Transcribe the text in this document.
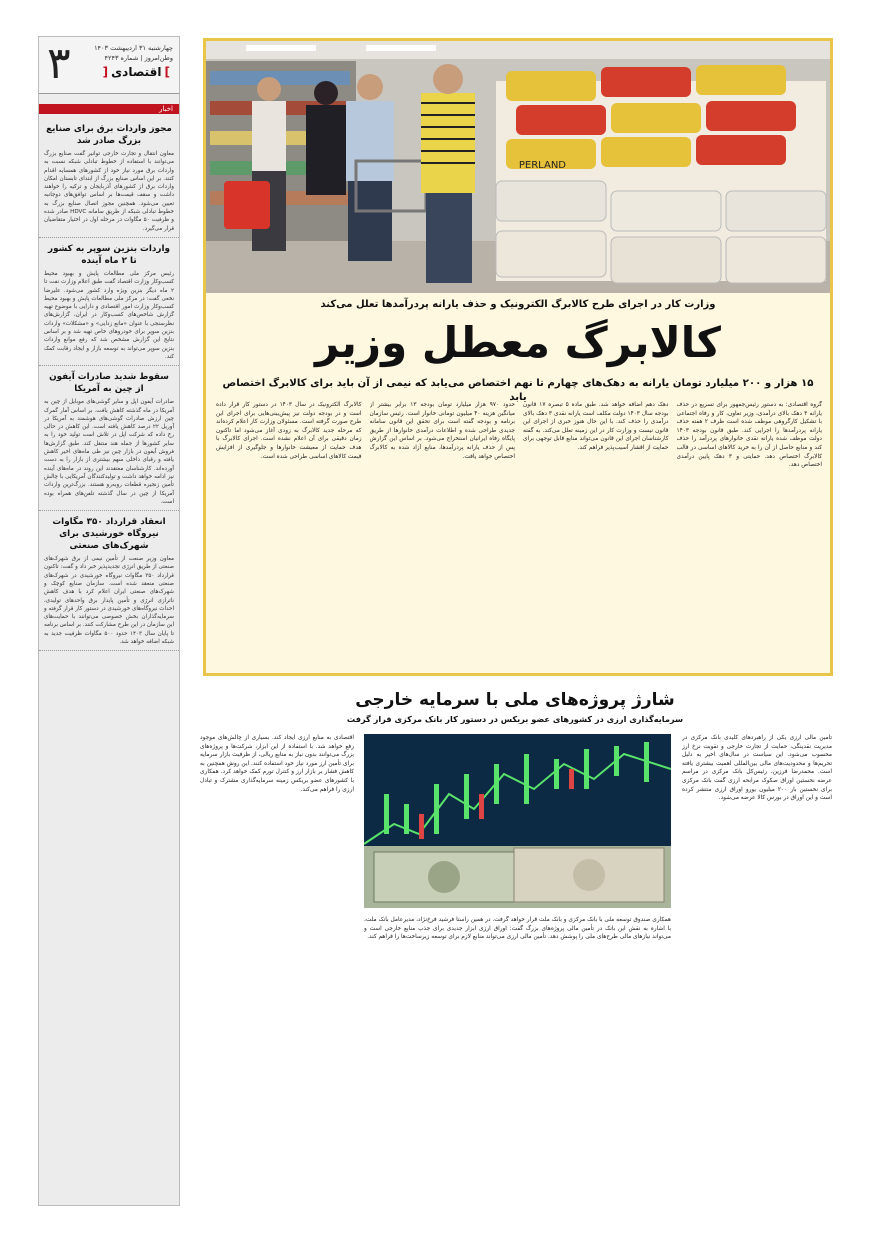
۳	چهارشنبه ۳۱ اردیبهشت ۱۴۰۳
وطن‌امروز | شماره ۴۲۴۳
]اقتصادی[
اخبار
مجوز واردات برق برای صنایع بزرگ صادر شد
معاون انتقال و تجارت خارجی توانیر گفت صنایع بزرگ می‌توانند با استفاده از خطوط تبادلی شبکه نسبت به واردات برق مورد نیاز خود از کشورهای همسایه اقدام کنند. بر این اساس صنایع بزرگ از ابتدای تابستان امکان واردات برق از کشورهای آذربایجان و ترکیه را خواهند داشت و سقف قیمت‌ها بر اساس توافق‌های دوجانبه تعیین می‌شود. همچنین مجوز اتصال صنایع بزرگ به خطوط تبادلی شبکه از طریق سامانه HDVC صادر شده و ظرفیت ۵۰ مگاوات در مرحله اول در اختیار متقاضیان قرار می‌گیرد.
واردات بنزین سوپر به کشور تا ۲ ماه آینده
رئیس مرکز ملی مطالعات پایش و بهبود محیط کسب‌وکار وزارت اقتصاد گفت طبق اعلام وزارت نفت تا ۲ ماه دیگر بنزین ویژه وارد کشور می‌شود. علیرضا نخعی گفت: در مرکز ملی مطالعات پایش و بهبود محیط کسب‌وکار وزارت امور اقتصادی و دارایی با موضوع تهیه گزارش شاخص‌های کسب‌وکار در ایران، گزارش‌های نظرسنجی با عنوان «مانع زدایی» و «مشکلات» واردات بنزین سوپر برای خودروهای خاص تهیه شد و بر اساس نتایج این گزارش مشخص شد که رفع موانع واردات بنزین سوپر می‌تواند به توسعه بازار و ایجاد رقابت کمک کند.
سقوط شدید صادرات آیفون از چین به آمریکا
صادرات آیفون اپل و سایر گوشی‌های موبایل از چین به آمریکا در ماه گذشته کاهش یافت. بر اساس آمار گمرک چین ارزش صادرات گوشی‌های هوشمند به آمریکا در آوریل ۲۲ درصد کاهش یافته است. این کاهش در حالی رخ داده که شرکت اپل در تلاش است تولید خود را به سایر کشورها از جمله هند منتقل کند. طبق گزارش‌ها فروش آیفون در بازار چین نیز طی ماه‌های اخیر کاهش یافته و رقبای داخلی سهم بیشتری از بازار را به دست آورده‌اند. کارشناسان معتقدند این روند در ماه‌های آینده نیز ادامه خواهد داشت و تولیدکنندگان آمریکایی با چالش تأمین زنجیره قطعات روبه‌رو هستند. بزرگ‌ترین واردات آمریکا از چین در سال گذشته تلفن‌های همراه بوده است.
انعقاد قرارداد ۳۵۰ مگاوات نیروگاه خورشیدی برای شهرک‌های صنعتی
معاون وزیر صنعت از تأمین نیمی از برق شهرک‌های صنعتی از طریق انرژی تجدیدپذیر خبر داد و گفت: تاکنون قرارداد ۳۵۰ مگاوات نیروگاه خورشیدی در شهرک‌های صنعتی منعقد شده است. سازمان صنایع کوچک و شهرک‌های صنعتی ایران اعلام کرد با هدف کاهش ناترازی انرژی و تأمین پایدار برق واحدهای تولیدی، احداث نیروگاه‌های خورشیدی در دستور کار قرار گرفته و سرمایه‌گذاران بخش خصوصی می‌توانند با حمایت‌های این سازمان در این طرح مشارکت کنند. بر اساس برنامه تا پایان سال ۱۴۰۳ حدود ۵۰۰ مگاوات ظرفیت جدید به شبکه اضافه خواهد شد.
PERLAND
وزارت کار در اجرای طرح کالابرگ الکترونیک و حذف یارانه پردرآمدها تعلل می‌کند
کالابرگ معطل وزیر
۱۵ هزار و ۲۰۰ میلیارد تومان یارانه به دهک‌های چهارم تا نهم اختصاص می‌یابد که نیمی از آن باید برای کالابرگ اختصاص یابد
گروه اقتصادی: به دستور رئیس‌جمهور برای تسریع در حذف یارانه ۳ دهک بالای درآمدی، وزیر تعاون، کار و رفاه اجتماعی با تشکیل کارگروهی موظف شده است ظرف ۲ هفته حذف یارانه پردرآمدها را اجرایی کند. طبق قانون بودجه ۱۴۰۳ دولت موظف شده یارانه نقدی خانوارهای پردرآمد را حذف کند و منابع حاصل از آن را به خرید کالاهای اساسی در قالب کالابرگ اختصاص دهد. حمایتی و ۳ دهک پایین درآمدی اختصاص دهد.
دهک دهم اضافه خواهد شد. طبق ماده ۵ تبصره ۱۷ قانون بودجه سال ۱۴۰۳ دولت مکلف است یارانه نقدی ۳ دهک بالای درآمدی را حذف کند. با این حال هنوز خبری از اجرای این قانون نیست و وزارت کار در این زمینه تعلل می‌کند. به گفته کارشناسان اجرای این قانون می‌تواند منابع قابل توجهی برای حمایت از اقشار آسیب‌پذیر فراهم کند.
حدود ۹۷۰ هزار میلیارد تومان بودجه ۱۳ برابر بیشتر از میانگین هزینه ۴۰ میلیون تومانی خانوار است. رئیس سازمان برنامه و بودجه گفته است برای تحقق این قانون سامانه جدیدی طراحی شده و اطلاعات درآمدی خانوارها از طریق پایگاه رفاه ایرانیان استخراج می‌شود. بر اساس این گزارش پس از حذف یارانه پردرآمدها، منابع آزاد شده به کالابرگ اختصاص خواهد یافت.
کالابرگ الکترونیک در سال ۱۴۰۳ در دستور کار قرار داده است و در بودجه دولت نیز پیش‌بینی‌هایی برای اجرای این طرح صورت گرفته است. مسئولان وزارت کار اعلام کرده‌اند که مرحله جدید کالابرگ به زودی آغاز می‌شود اما تاکنون زمان دقیقی برای آن اعلام نشده است. اجرای کالابرگ با هدف حمایت از معیشت خانوارها و جلوگیری از افزایش قیمت کالاهای اساسی طراحی شده است.
شارژ پروژه‌های ملی با سرمایه خارجی
سرمایه‌گذاری ارزی در کشورهای عضو بریکس در دستور کار بانک مرکزی قرار گرفت
تأمین مالی ارزی یکی از راهبردهای کلیدی بانک مرکزی در مدیریت نقدینگی، حمایت از تجارت خارجی و تقویت نرخ ارز محسوب می‌شود. این سیاست در سال‌های اخیر به دلیل تحریم‌ها و محدودیت‌های مالی بین‌المللی اهمیت بیشتری یافته است. محمدرضا فرزین، رئیس‌کل بانک مرکزی در مراسم عرضه نخستین اوراق صکوک مرابحه ارزی گفت بانک مرکزی برای نخستین بار ۲۰۰ میلیون یورو اوراق ارزی منتشر کرده است و این اوراق در بورس کالا عرضه می‌شود.
همکاری صندوق توسعه ملی با بانک مرکزی و بانک ملت قرار خواهد گرفت. در همین راستا فرشید فرخ‌نژاد، مدیرعامل بانک ملت، با اشاره به نقش این بانک در تأمین مالی پروژه‌های بزرگ گفت: اوراق ارزی ابزار جدیدی برای جذب منابع خارجی است و می‌تواند نیازهای مالی طرح‌های ملی را پوشش دهد. تأمین مالی ارزی می‌تواند منابع لازم برای توسعه زیرساخت‌ها را فراهم کند.
اقتصادی به منابع ارزی ایجاد کند. بسیاری از چالش‌های موجود رفع خواهد شد. با استفاده از این ابزار، شرکت‌ها و پروژه‌های بزرگ می‌توانند بدون نیاز به منابع ریالی، از ظرفیت بازار سرمایه برای تأمین ارز مورد نیاز خود استفاده کنند. این روش همچنین به کاهش فشار بر بازار ارز و کنترل تورم کمک خواهد کرد. همکاری با کشورهای عضو بریکس زمینه سرمایه‌گذاری مشترک و تبادل ارزی را فراهم می‌کند.
